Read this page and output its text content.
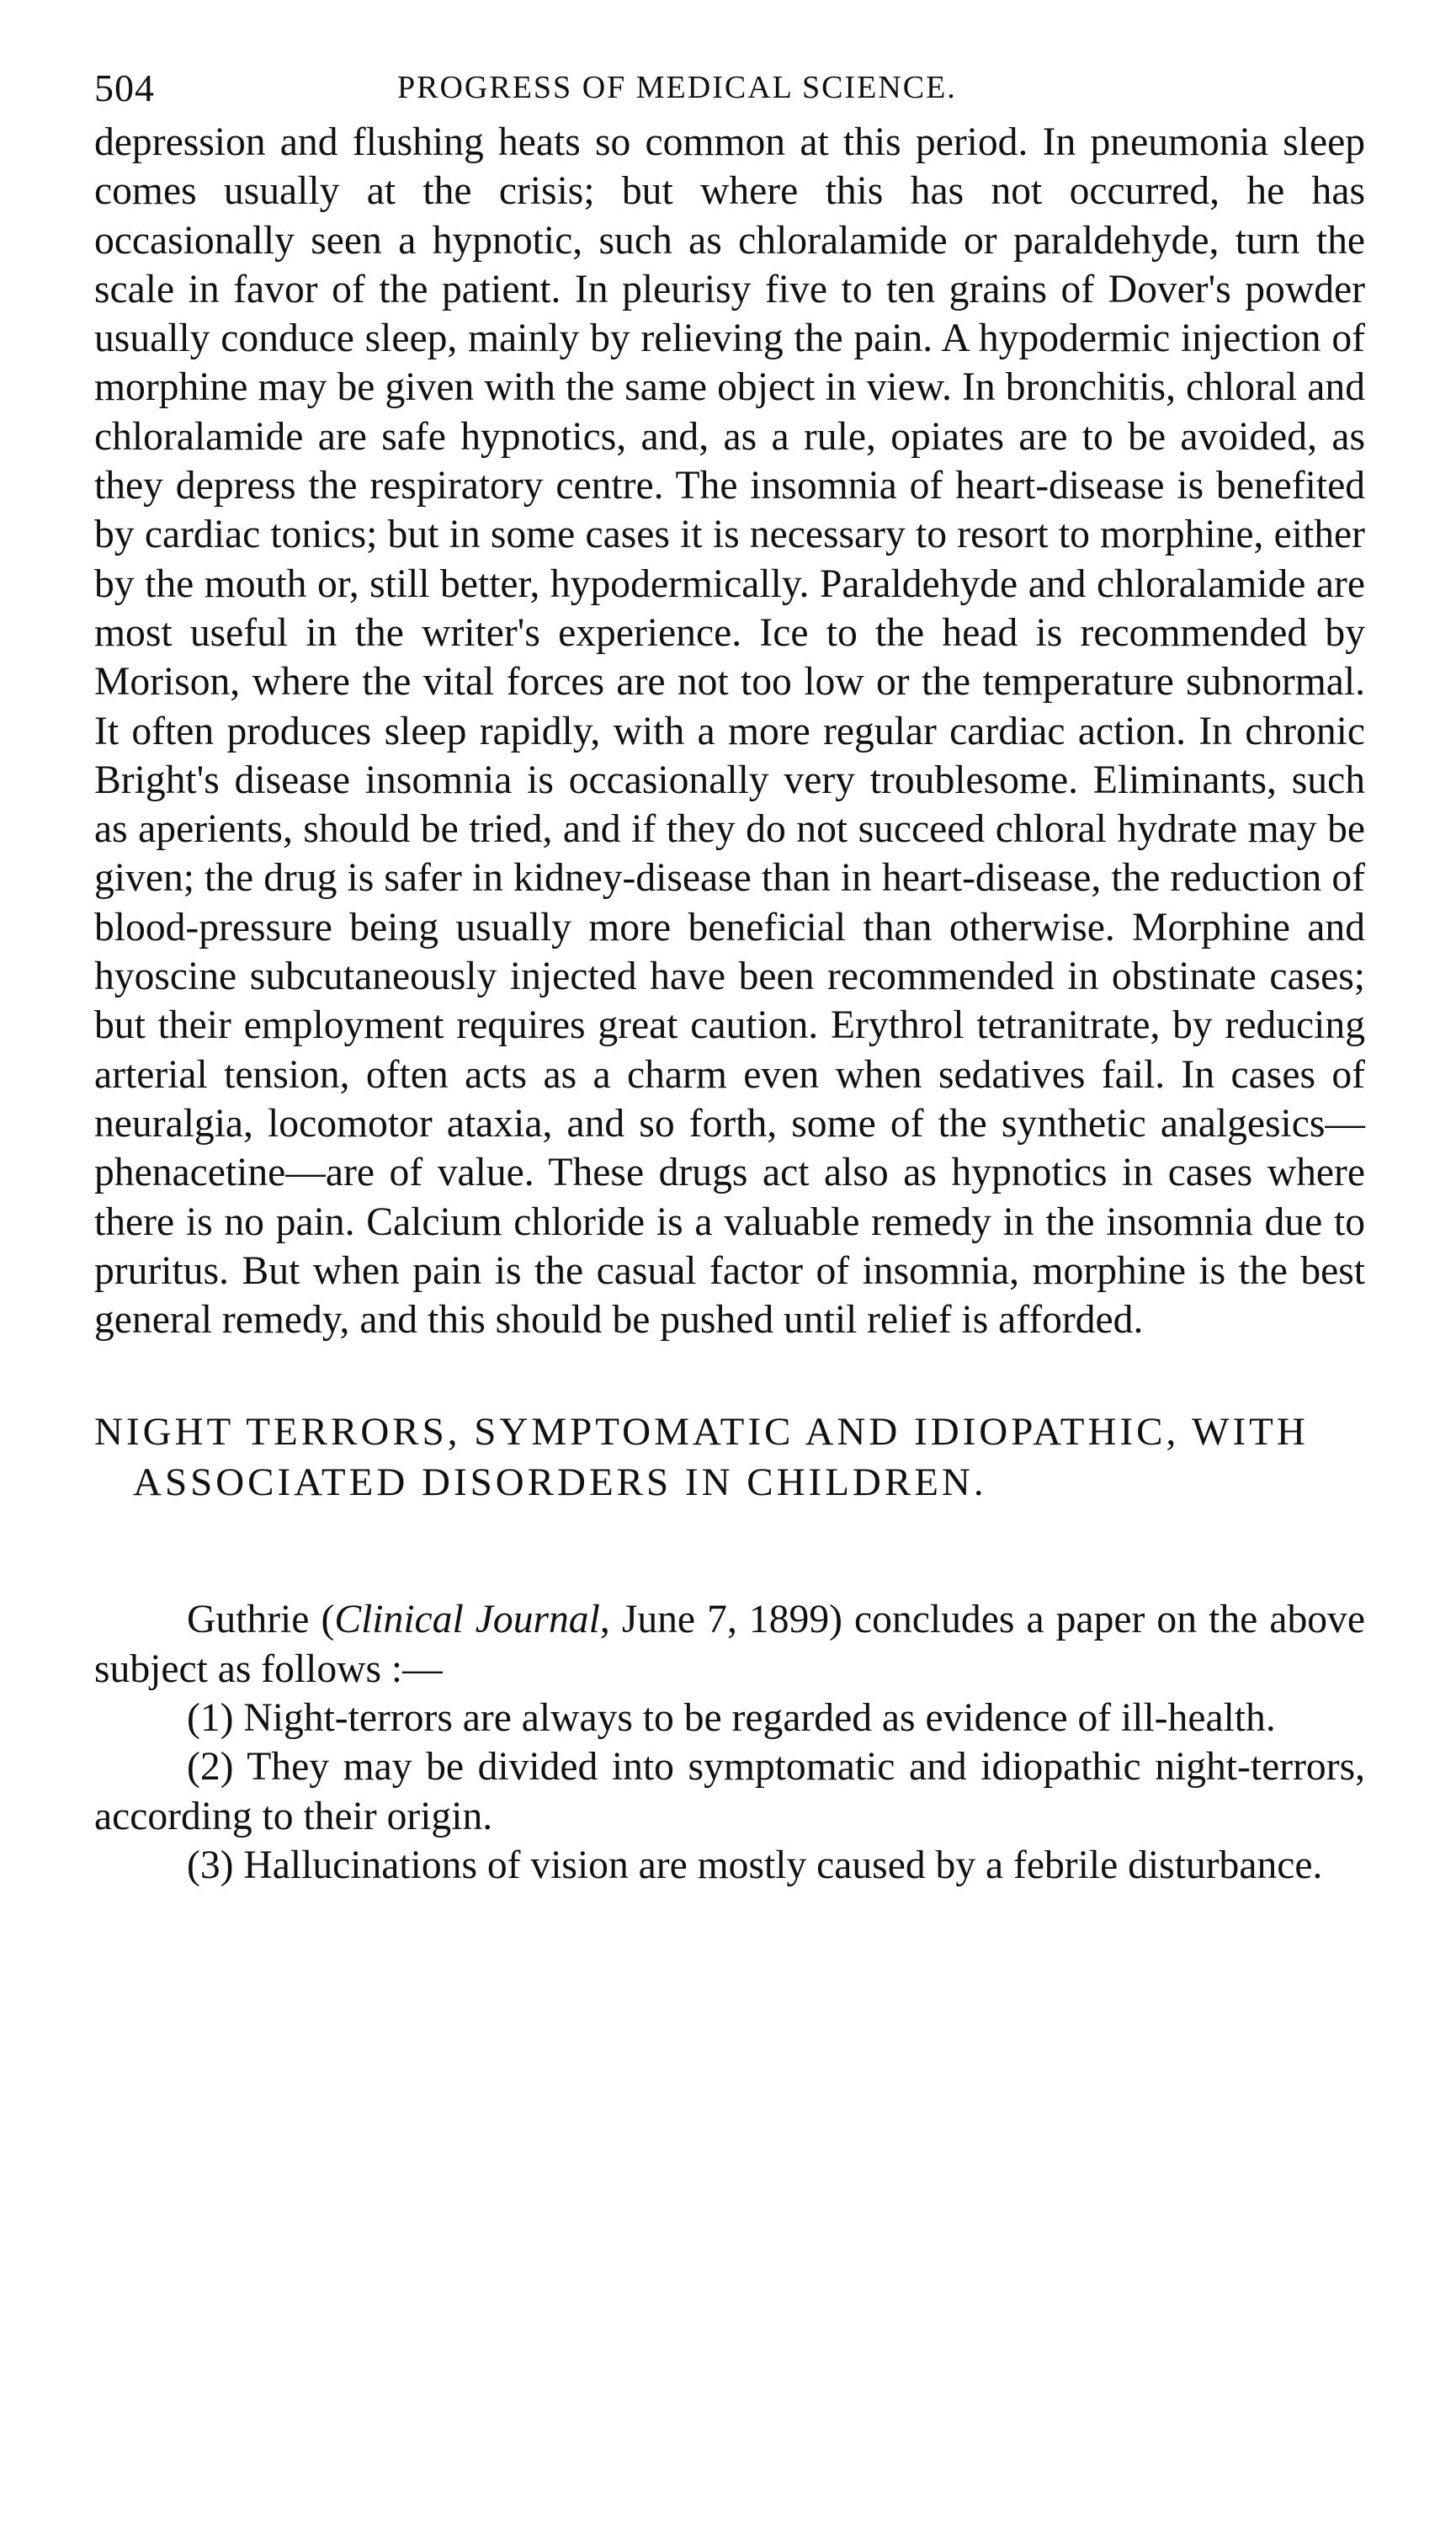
504	PROGRESS OF MEDICAL SCIENCE.

depression and flushing heats so common at this period. In pneumonia sleep comes usually at the crisis; but where this has not occurred, he has occasionally seen a hypnotic, such as chloralamide or paraldehyde, turn the scale in favor of the patient. In pleurisy five to ten grains of Dover's powder usually conduce sleep, mainly by relieving the pain. A hypodermic injection of morphine may be given with the same object in view. In bronchitis, chloral and chloralamide are safe hypnotics, and, as a rule, opiates are to be avoided, as they depress the respiratory centre. The insomnia of heart-disease is benefited by cardiac tonics; but in some cases it is necessary to resort to morphine, either by the mouth or, still better, hypodermically. Paraldehyde and chloralamide are most useful in the writer's experience. Ice to the head is recommended by Morison, where the vital forces are not too low or the temperature subnormal. It often produces sleep rapidly, with a more regular cardiac action. In chronic Bright's disease insomnia is occasionally very troublesome. Eliminants, such as aperients, should be tried, and if they do not succeed chloral hydrate may be given; the drug is safer in kidney-disease than in heart-disease, the reduction of blood-pressure being usually more beneficial than otherwise. Morphine and hyoscine subcutaneously injected have been recommended in obstinate cases; but their employment requires great caution. Erythrol tetranitrate, by reducing arterial tension, often acts as a charm even when sedatives fail. In cases of neuralgia, locomotor ataxia, and so forth, some of the synthetic analgesics—phenacetine—are of value. These drugs act also as hypnotics in cases where there is no pain. Calcium chloride is a valuable remedy in the insomnia due to pruritus. But when pain is the casual factor of insomnia, morphine is the best general remedy, and this should be pushed until relief is afforded.

NIGHT TERRORS, SYMPTOMATIC AND IDIOPATHIC, WITH ASSOCIATED DISORDERS IN CHILDREN.

Guthrie (Clinical Journal, June 7, 1899) concludes a paper on the above subject as follows :—

(1) Night-terrors are always to be regarded as evidence of ill-health.

(2) They may be divided into symptomatic and idiopathic night-terrors, according to their origin.

(3) Hallucinations of vision are mostly caused by a febrile disturbance.
